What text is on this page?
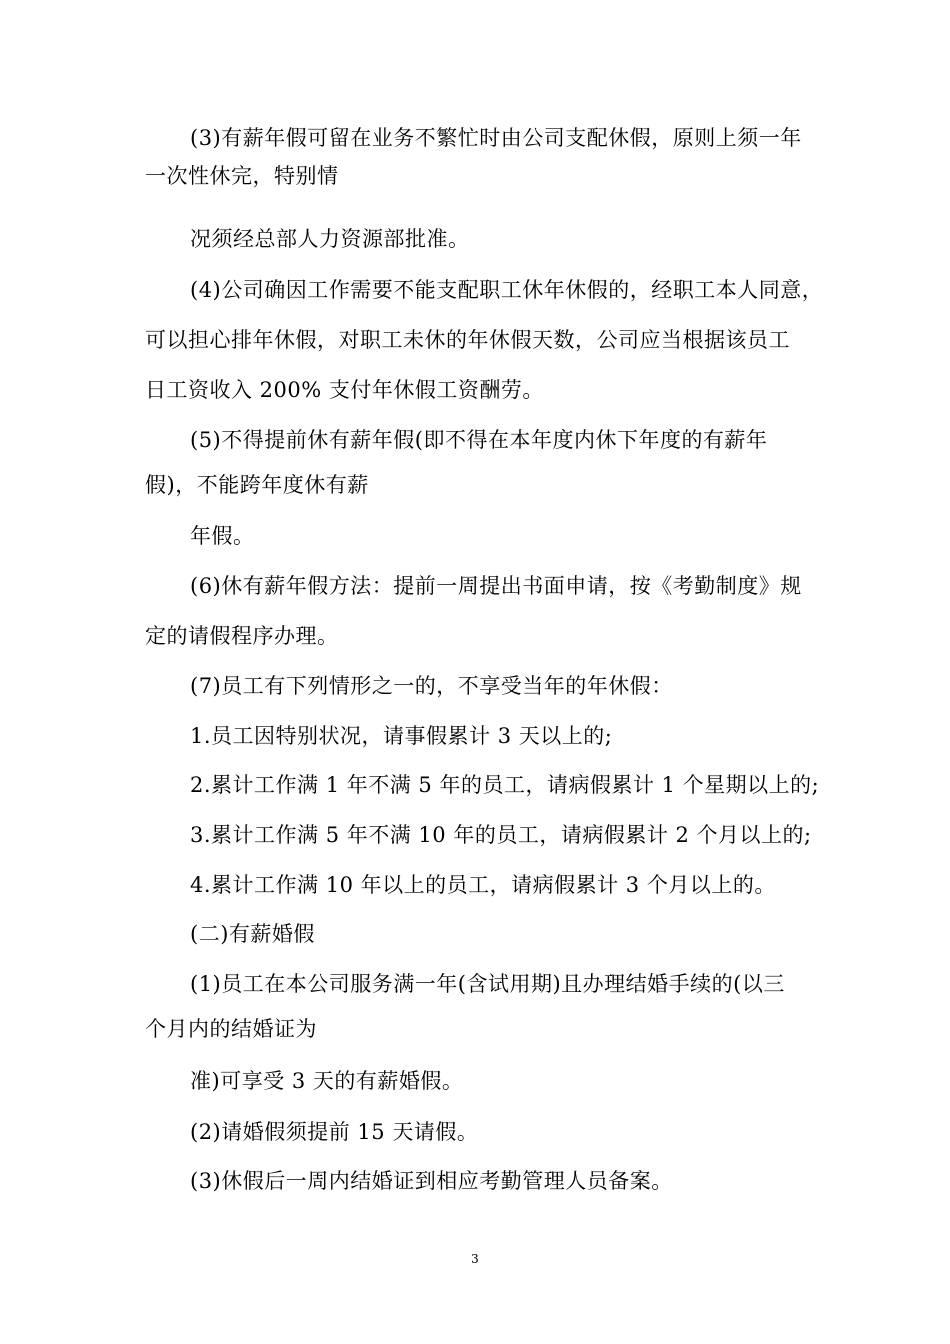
(3)有薪年假可留在业务不繁忙时由公司支配休假，原则上须一年
一次性休完，特别情
况须经总部人力资源部批准。
(4)公司确因工作需要不能支配职工休年休假的，经职工本人同意，
可以担心排年休假，对职工未休的年休假天数，公司应当根据该员工
日工资收入 200% 支付年休假工资酬劳。
(5)不得提前休有薪年假(即不得在本年度内休下年度的有薪年
假)，不能跨年度休有薪
年假。
(6)休有薪年假方法：提前一周提出书面申请，按《考勤制度》规
定的请假程序办理。
(7)员工有下列情形之一的，不享受当年的年休假：
1.员工因特别状况，请事假累计 3 天以上的;
2.累计工作满 1 年不满 5 年的员工，请病假累计 1 个星期以上的;
3.累计工作满 5 年不满 10 年的员工，请病假累计 2 个月以上的;
4.累计工作满 10 年以上的员工，请病假累计 3 个月以上的。
(二)有薪婚假
(1)员工在本公司服务满一年(含试用期)且办理结婚手续的(以三
个月内的结婚证为
准)可享受 3 天的有薪婚假。
(2)请婚假须提前 15 天请假。
(3)休假后一周内结婚证到相应考勤管理人员备案。
3
